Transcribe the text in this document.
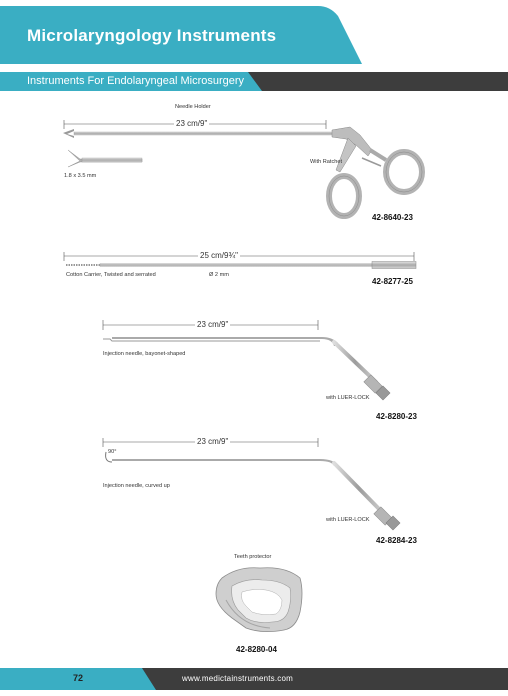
Microlaryngology Instruments
Instruments For Endolaryngeal Microsurgery
Needle Holder
23 cm/9"
1.8 x 3.5 mm
With Ratchet
42-8640-23
25 cm/9¾"
Cotton Carrier, Twisted and serrated	Ø 2 mm
42-8277-25
23 cm/9"
Injection needle, bayonet-shaped
with LUER-LOCK
42-8280-23
23 cm/9"
90°
Injection needle, curved up
with LUER-LOCK
42-8284-23
Teeth protector
42-8280-04
72	www.medictainstruments.com
